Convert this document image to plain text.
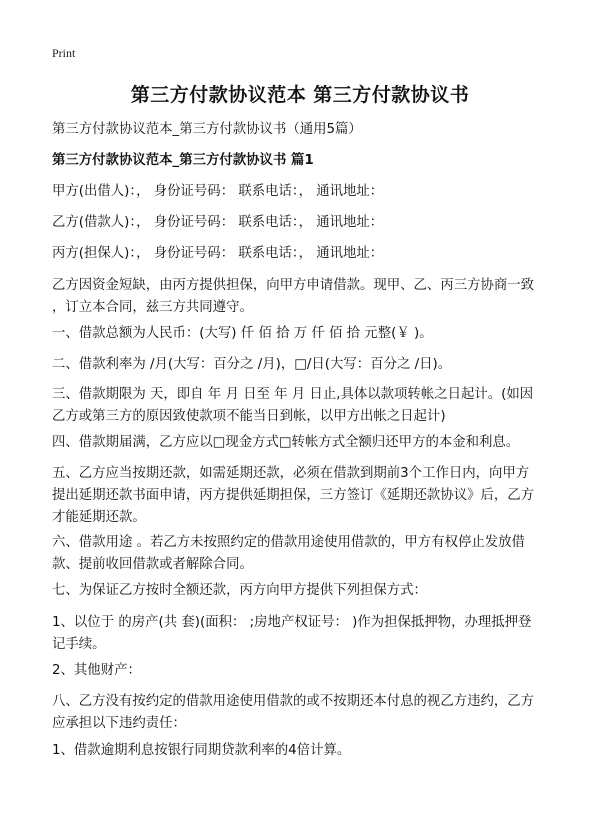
Print
第三方付款协议范本 第三方付款协议书
第三方付款协议范本_第三方付款协议书（通用5篇）
第三方付款协议范本_第三方付款协议书 篇1
甲方(出借人)：， 身份证号码： 联系电话：， 通讯地址：
乙方(借款人)：， 身份证号码： 联系电话：， 通讯地址：
丙方(担保人)：， 身份证号码： 联系电话：， 通讯地址：
乙方因资金短缺，由丙方提供担保，向甲方申请借款。现甲、乙、丙三方协商一致
，订立本合同，兹三方共同遵守。
一、借款总额为人民币：(大写) 仟 佰 拾 万 仟 佰 拾 元整(￥ )。
二、借款利率为 /月(大写：百分之 /月)，□/日(大写：百分之 /日)。
三、借款期限为 天，即自 年 月 日至 年 月 日止,具体以款项转帐之日起计。(如因
乙方或第三方的原因致使款项不能当日到帐，以甲方出帐之日起计)
四、借款期届满，乙方应以□现金方式□转帐方式全额归还甲方的本金和利息。
五、乙方应当按期还款，如需延期还款，必须在借款到期前3个工作日内，向甲方
提出延期还款书面申请，丙方提供延期担保，三方签订《延期还款协议》后，乙方
才能延期还款。
六、借款用途 。若乙方未按照约定的借款用途使用借款的，甲方有权停止发放借
款、提前收回借款或者解除合同。
七、为保证乙方按时全额还款，丙方向甲方提供下列担保方式：
1、以位于 的房产(共 套)(面积： ;房地产权证号： )作为担保抵押物，办理抵押登
记手续。
2、其他财产：
八、乙方没有按约定的借款用途使用借款的或不按期还本付息的视乙方违约，乙方
应承担以下违约责任：
1、借款逾期利息按银行同期贷款利率的4倍计算。
